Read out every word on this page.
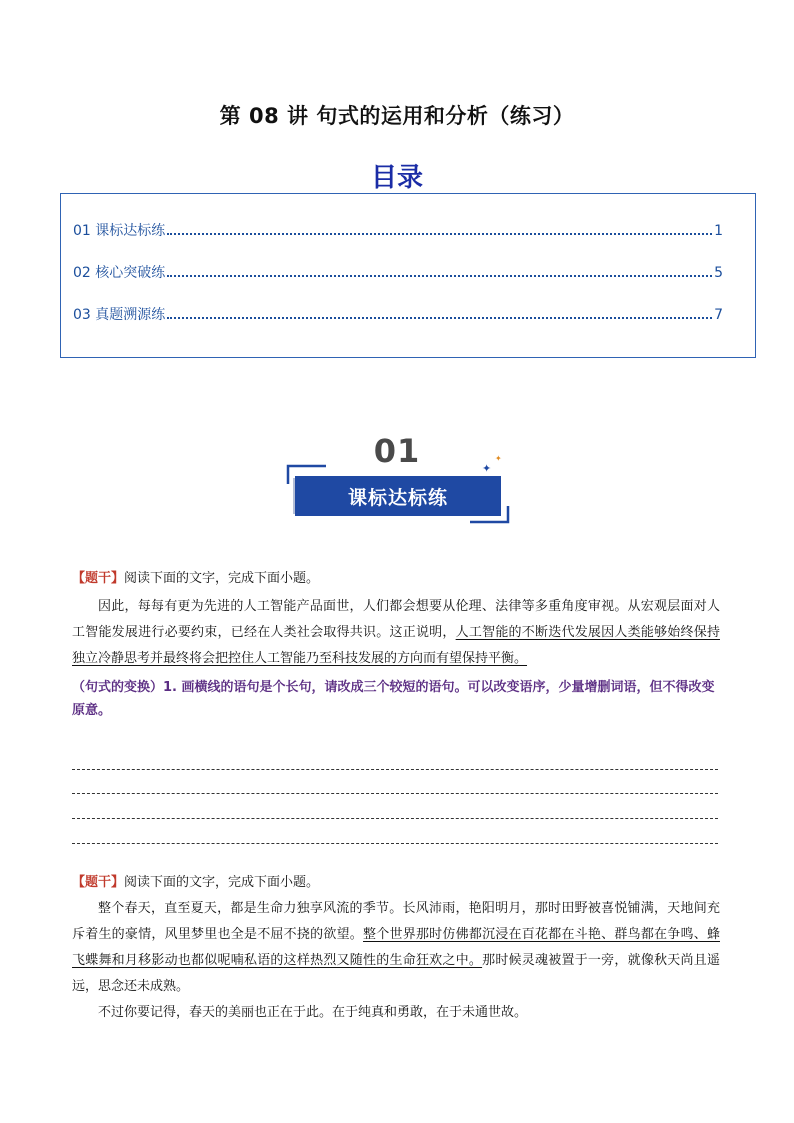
第 08 讲 句式的运用和分析（练习）
目录
01 课标达标练	1
02 核心突破练	5
03 真题溯源练	7
01	✦
✦
课标达标练
【题干】阅读下面的文字，完成下面小题。

因此，每每有更为先进的人工智能产品面世，人们都会想要从伦理、法律等多重角度审视。从宏观层面对人工智能发展进行必要约束，已经在人类社会取得共识。这正说明，人工智能的不断迭代发展因人类能够始终保持独立冷静思考并最终将会把控住人工智能乃至科技发展的方向而有望保持平衡。

（句式的变换）1. 画横线的语句是个长句，请改成三个较短的语句。可以改变语序，少量增删词语，但不得改变原意。
【题干】阅读下面的文字，完成下面小题。

整个春天，直至夏天，都是生命力独享风流的季节。长风沛雨，艳阳明月，那时田野被喜悦铺满，天地间充斥着生的豪情，风里梦里也全是不屈不挠的欲望。整个世界那时仿佛都沉浸在百花都在斗艳、群鸟都在争鸣、蜂飞蝶舞和月移影动也都似呢喃私语的这样热烈又随性的生命狂欢之中。那时候灵魂被置于一旁，就像秋天尚且遥远，思念还未成熟。

不过你要记得，春天的美丽也正在于此。在于纯真和勇敢，在于未通世故。
